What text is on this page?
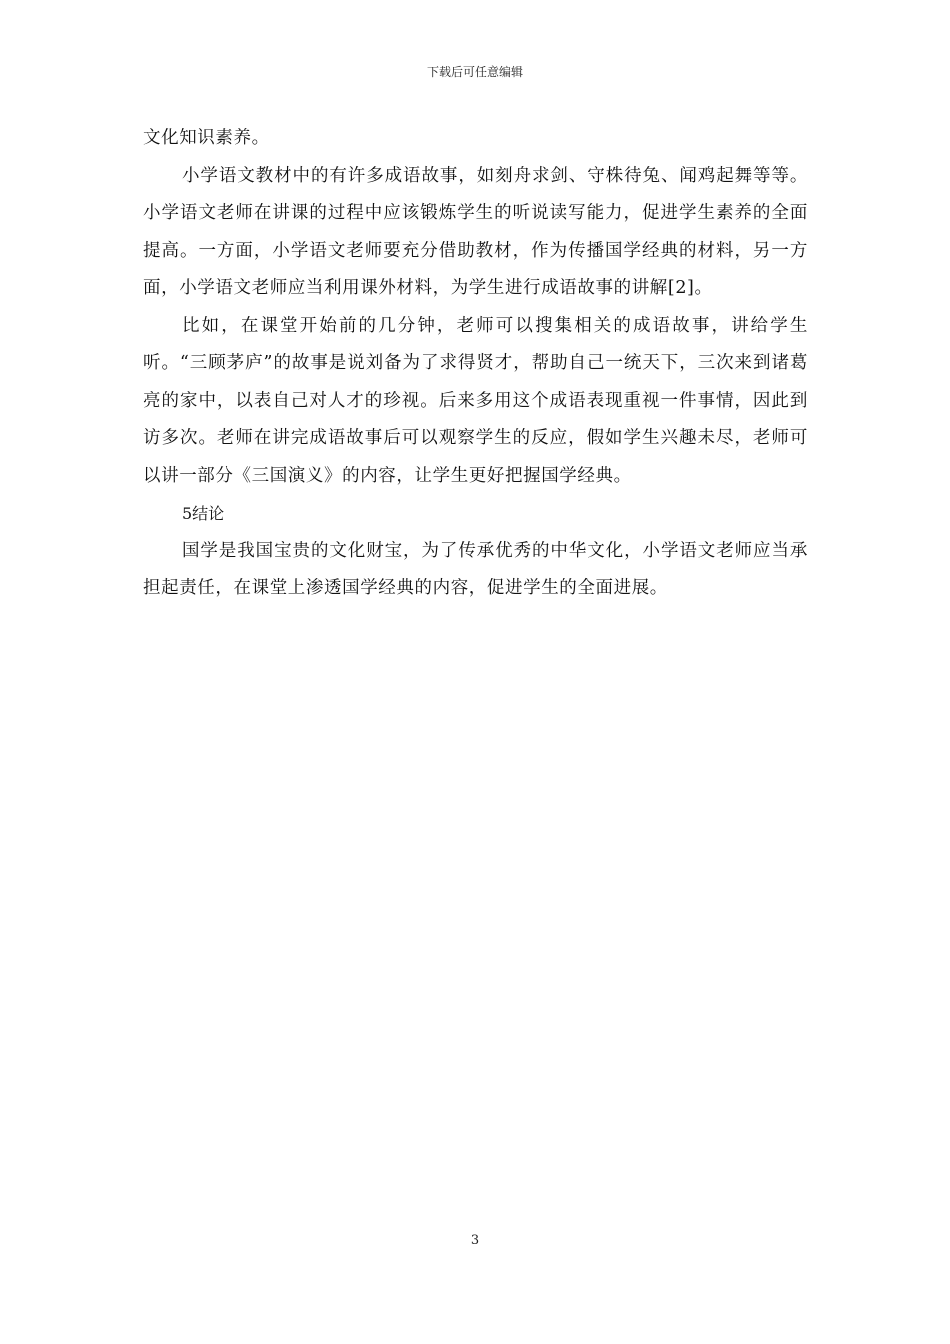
下载后可任意编辑

文化知识素养。

小学语文教材中的有许多成语故事，如刻舟求剑、守株待兔、闻鸡起舞等等。小学语文老师在讲课的过程中应该锻炼学生的听说读写能力，促进学生素养的全面提高。一方面，小学语文老师要充分借助教材，作为传播国学经典的材料，另一方面，小学语文老师应当利用课外材料，为学生进行成语故事的讲解[2]。

比如，在课堂开始前的几分钟，老师可以搜集相关的成语故事，讲给学生听。“三顾茅庐”的故事是说刘备为了求得贤才，帮助自己一统天下，三次来到诸葛亮的家中，以表自己对人才的珍视。后来多用这个成语表现重视一件事情，因此到访多次。老师在讲完成语故事后可以观察学生的反应，假如学生兴趣未尽，老师可以讲一部分《三国演义》的内容，让学生更好把握国学经典。

5结论

国学是我国宝贵的文化财宝，为了传承优秀的中华文化，小学语文老师应当承担起责任，在课堂上渗透国学经典的内容，促进学生的全面进展。

3
